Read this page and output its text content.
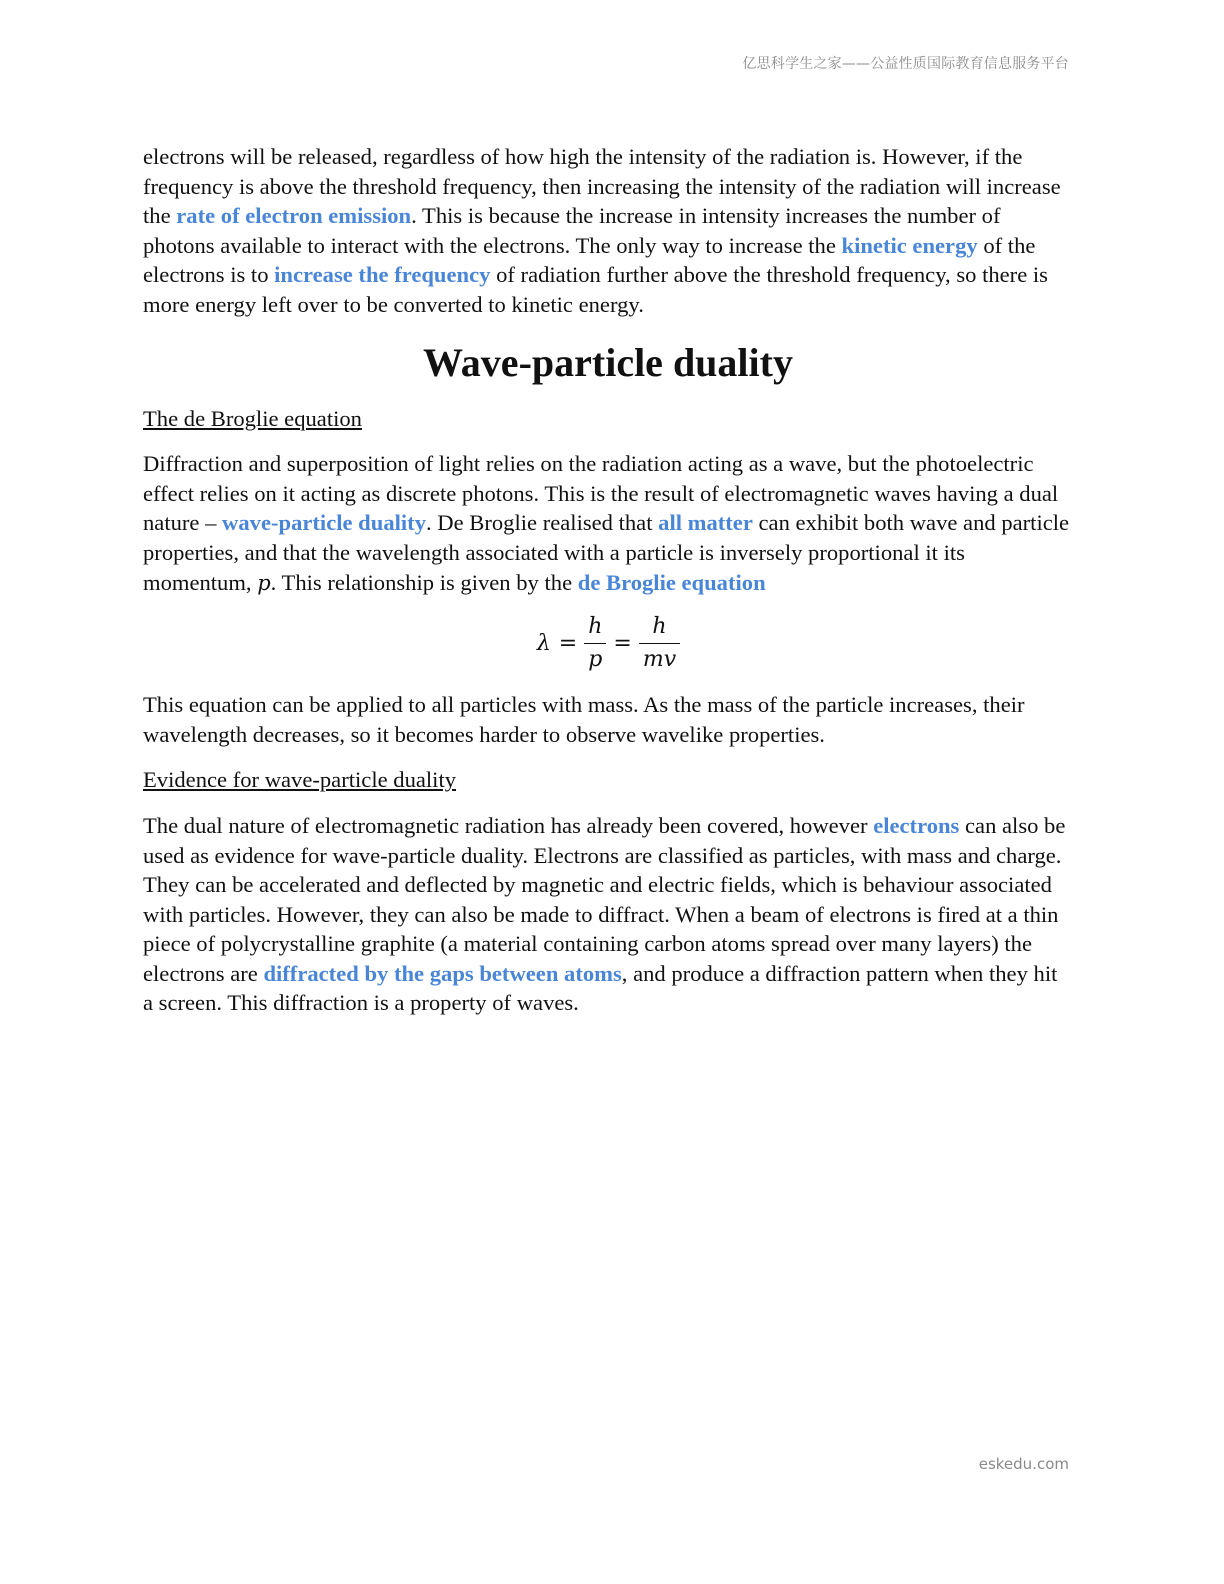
亿思科学生之家——公益性质国际教育信息服务平台

electrons will be released, regardless of how high the intensity of the radiation is. However, if the frequency is above the threshold frequency, then increasing the intensity of the radiation will increase the rate of electron emission. This is because the increase in intensity increases the number of photons available to interact with the electrons. The only way to increase the kinetic energy of the electrons is to increase the frequency of radiation further above the threshold frequency, so there is more energy left over to be converted to kinetic energy.

Wave-particle duality

The de Broglie equation

Diffraction and superposition of light relies on the radiation acting as a wave, but the photoelectric effect relies on it acting as discrete photons. This is the result of electromagnetic waves having a dual nature – wave-particle duality. De Broglie realised that all matter can exhibit both wave and particle properties, and that the wavelength associated with a particle is inversely proportional it its momentum, p. This relationship is given by the de Broglie equation

$\lambda = \frac{h}{p} = \frac{h}{mv}$

This equation can be applied to all particles with mass. As the mass of the particle increases, their wavelength decreases, so it becomes harder to observe wavelike properties.

Evidence for wave-particle duality

The dual nature of electromagnetic radiation has already been covered, however electrons can also be used as evidence for wave-particle duality. Electrons are classified as particles, with mass and charge. They can be accelerated and deflected by magnetic and electric fields, which is behaviour associated with particles. However, they can also be made to diffract. When a beam of electrons is fired at a thin piece of polycrystalline graphite (a material containing carbon atoms spread over many layers) the electrons are diffracted by the gaps between atoms, and produce a diffraction pattern when they hit a screen. This diffraction is a property of waves.

eskedu.com
